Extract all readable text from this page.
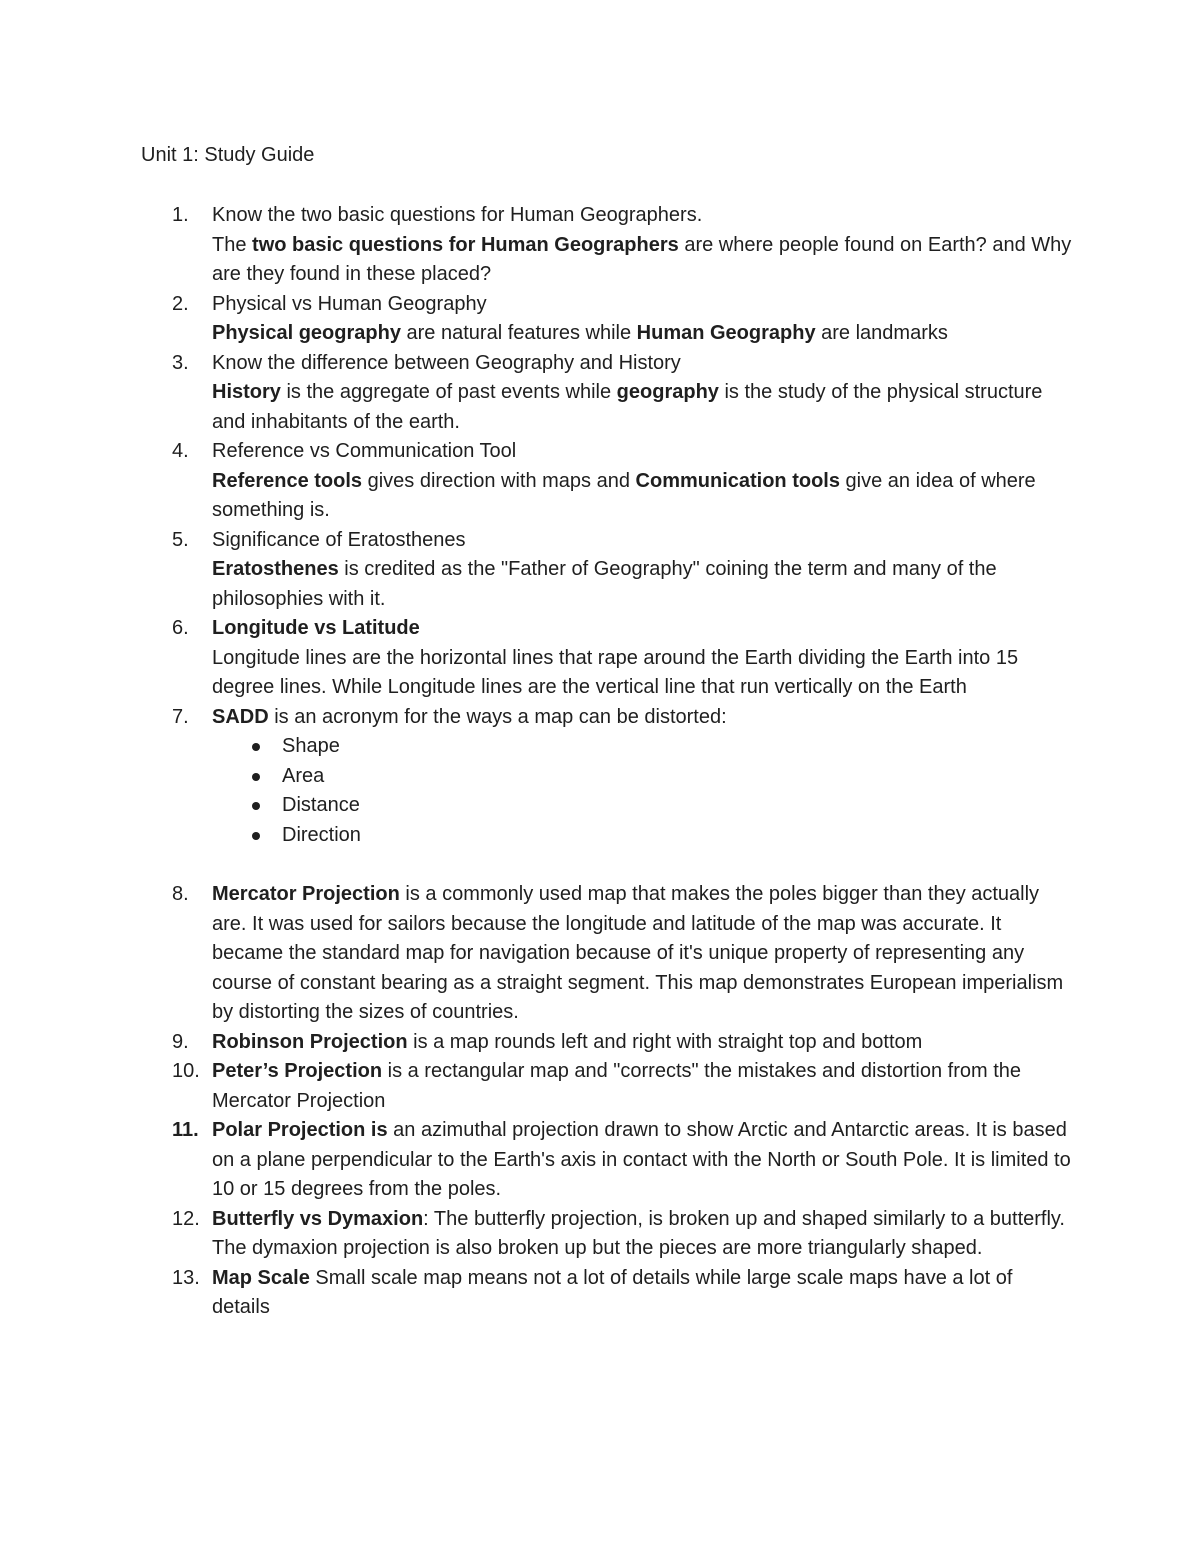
Unit 1: Study Guide
1.	Know the two basic questions for Human Geographers.
The two basic questions for Human Geographers are where people found on Earth? and Why are they found in these placed?
2.	Physical vs Human Geography
Physical geography are natural features while Human Geography are landmarks
3.	Know the difference between Geography and History
History is the aggregate of past events while geography is the study of the physical structure and inhabitants of the earth.
4.	Reference vs Communication Tool
Reference tools gives direction with maps and Communication tools give an idea of where something is.
5.	Significance of Eratosthenes
Eratosthenes is credited as the "Father of Geography" coining the term and many of the philosophies with it.
6.	Longitude vs Latitude
Longitude lines are the horizontal lines that rape around the Earth dividing the Earth into 15 degree lines. While Longitude lines are the vertical line that run vertically on the Earth
7.	SADD is an acronym for the ways a map can be distorted:
Shape
Area
Distance
Direction
8.	Mercator Projection is a commonly used map that makes the poles bigger than they actually are. It was used for sailors because the longitude and latitude of the map was accurate. It became the standard map for navigation because of it's unique property of representing any course of constant bearing as a straight segment. This map demonstrates European imperialism by distorting the sizes of countries.
9.	Robinson Projection is a map rounds left and right with straight top and bottom
10. Peter’s Projection is a rectangular map and "corrects" the mistakes and distortion from the Mercator Projection
11. Polar Projection is an azimuthal projection drawn to show Arctic and Antarctic areas. It is based on a plane perpendicular to the Earth's axis in contact with the North or South Pole. It is limited to 10 or 15 degrees from the poles.
12. Butterfly vs Dymaxion: The butterfly projection, is broken up and shaped similarly to a butterfly. The dymaxion projection is also broken up but the pieces are more triangularly shaped.
13. Map Scale Small scale map means not a lot of details while large scale maps have a lot of details
